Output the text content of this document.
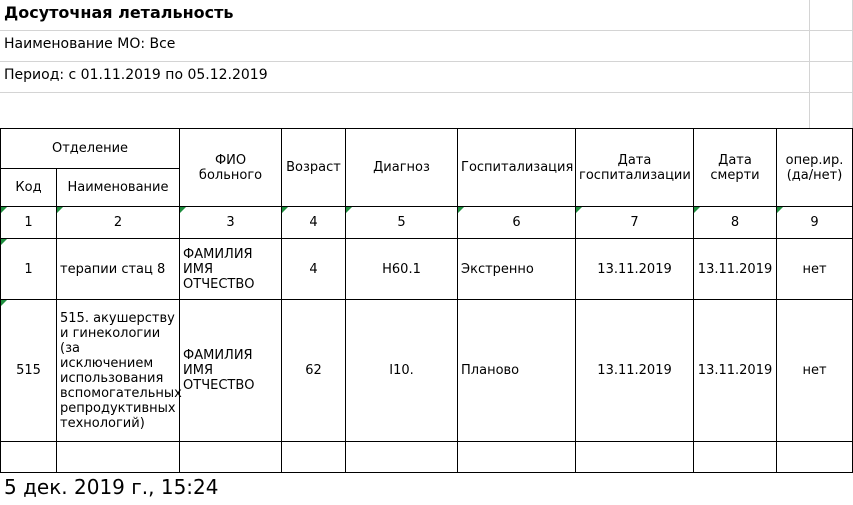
Досуточная летальность
Наименование МО: Все
Период: с 01.11.2019 по 05.12.2019
Отделение		ФИО больного	Возраст	Диагноз	Госпитализация	Дата госпитализации	Дата смерти	опер.ир. (да/нет)
Код	Наименование							

1	2	3	4	5	6	7	8	9

1	терапии стац 8	ФАМИЛИЯ ИМЯ ОТЧЕСТВО	4	H60.1	Экстренно	13.11.2019	13.11.2019	нет

515	515. акушерству и гинекологии (за исключением использования вспомогательных репродуктивных технологий)	ФАМИЛИЯ ИМЯ ОТЧЕСТВО	62	I10.	Планово	13.11.2019	13.11.2019	нет

5 дек. 2019 г., 15:24
